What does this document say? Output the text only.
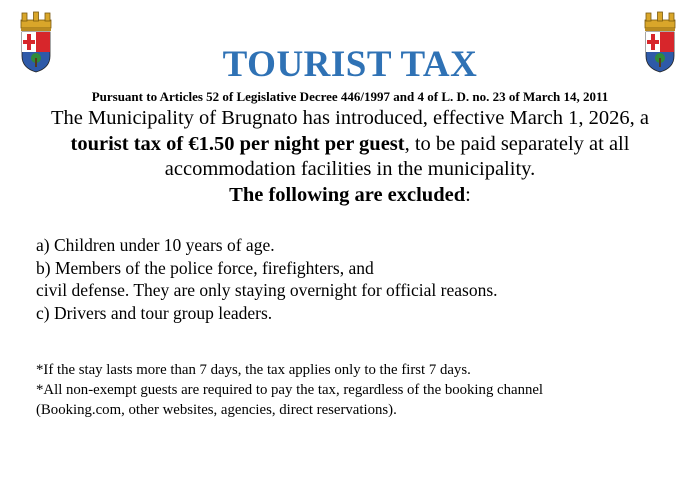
TOURIST TAX
Pursuant to Articles 52 of Legislative Decree 446/1997 and 4 of L. D. no. 23 of March 14, 2011
The Municipality of Brugnato has introduced, effective March 1, 2026, a tourist tax of €1.50 per night per guest, to be paid separately at all accommodation facilities in the municipality.
The following are excluded:
a) Children under 10 years of age.
b) Members of the police force, firefighters, and
civil defense. They are only staying overnight for official reasons.
c) Drivers and tour group leaders.
*If the stay lasts more than 7 days, the tax applies only to the first 7 days.
*All non-exempt guests are required to pay the tax, regardless of the booking channel
(Booking.com, other websites, agencies, direct reservations).
